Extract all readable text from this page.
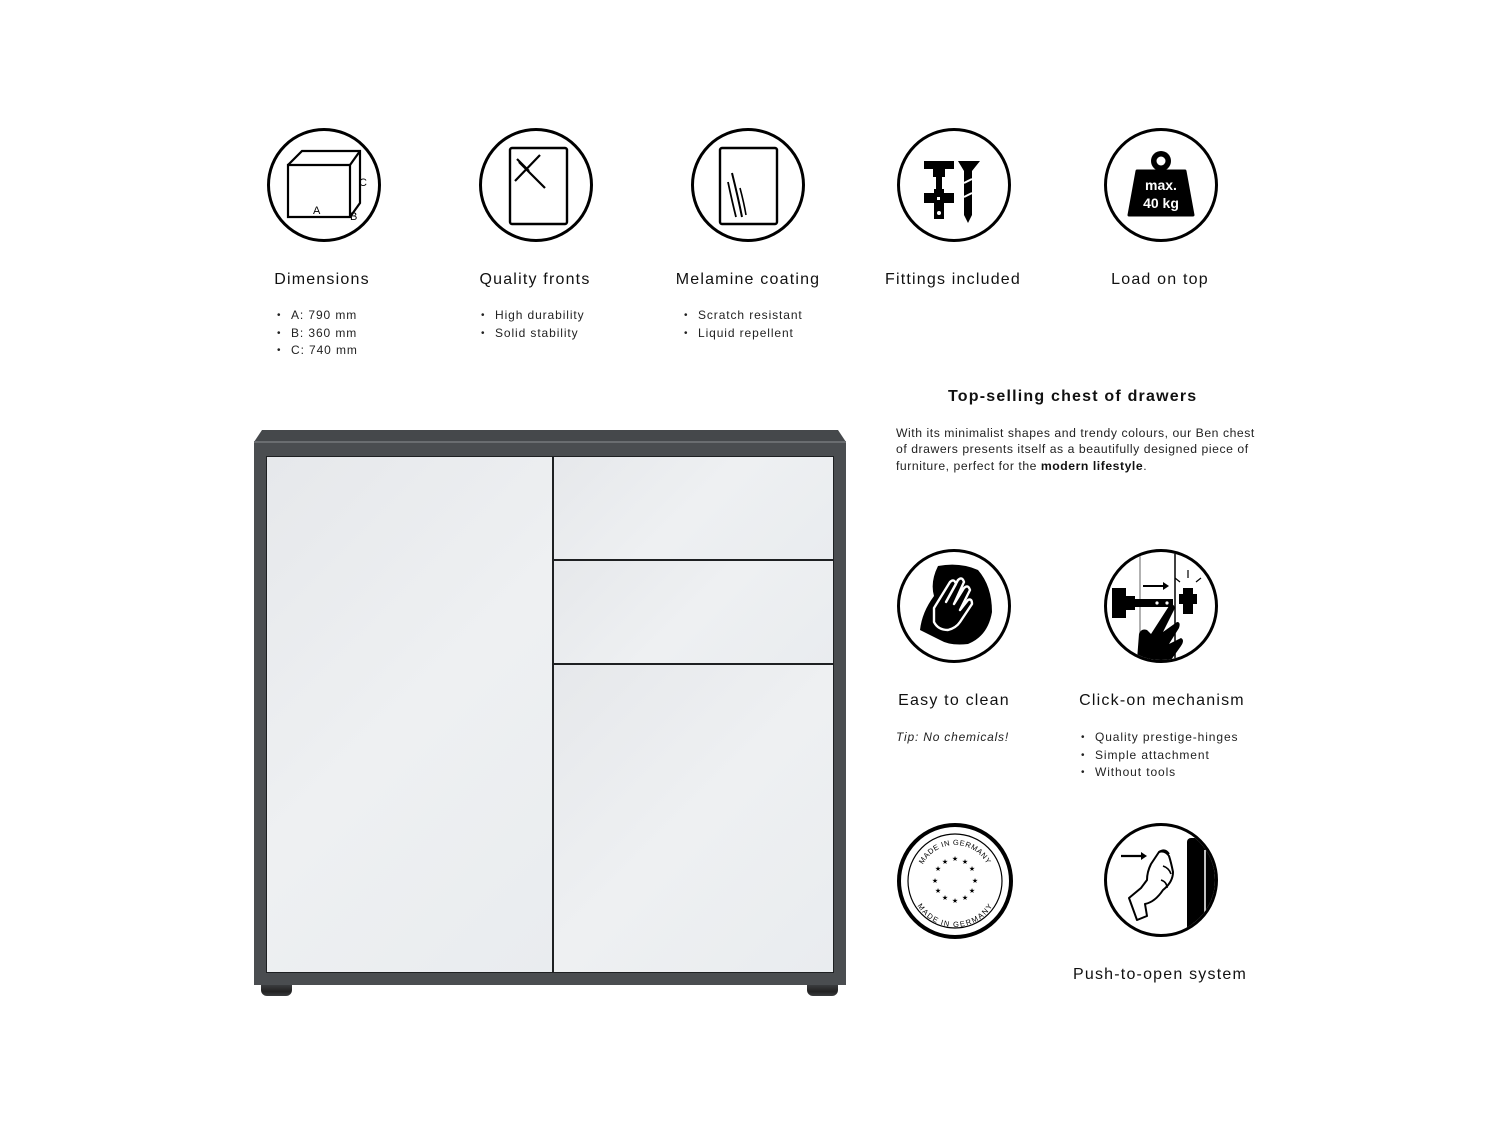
A
C
B
Dimensions
• A: 790 mm
• B: 360 mm
• C: 740 mm
Quality fronts
• High durability
• Solid stability
Melamine coating
• Scratch resistant
• Liquid repellent
Fittings included
max.
40 kg
Load on top
Top-selling chest of drawers
With its minimalist shapes and trendy colours, our Ben chest of drawers presents itself as a beautifully designed piece of furniture, perfect for the modern lifestyle.
Easy to clean
Tip: No chemicals!
Click-on mechanism
• Quality prestige-hinges
• Simple attachment
• Without tools
MADE IN GERMANY
MADE IN GERMANY
★ ★
★
★
★
★
★
★
★
★
★
★
Push-to-open system
